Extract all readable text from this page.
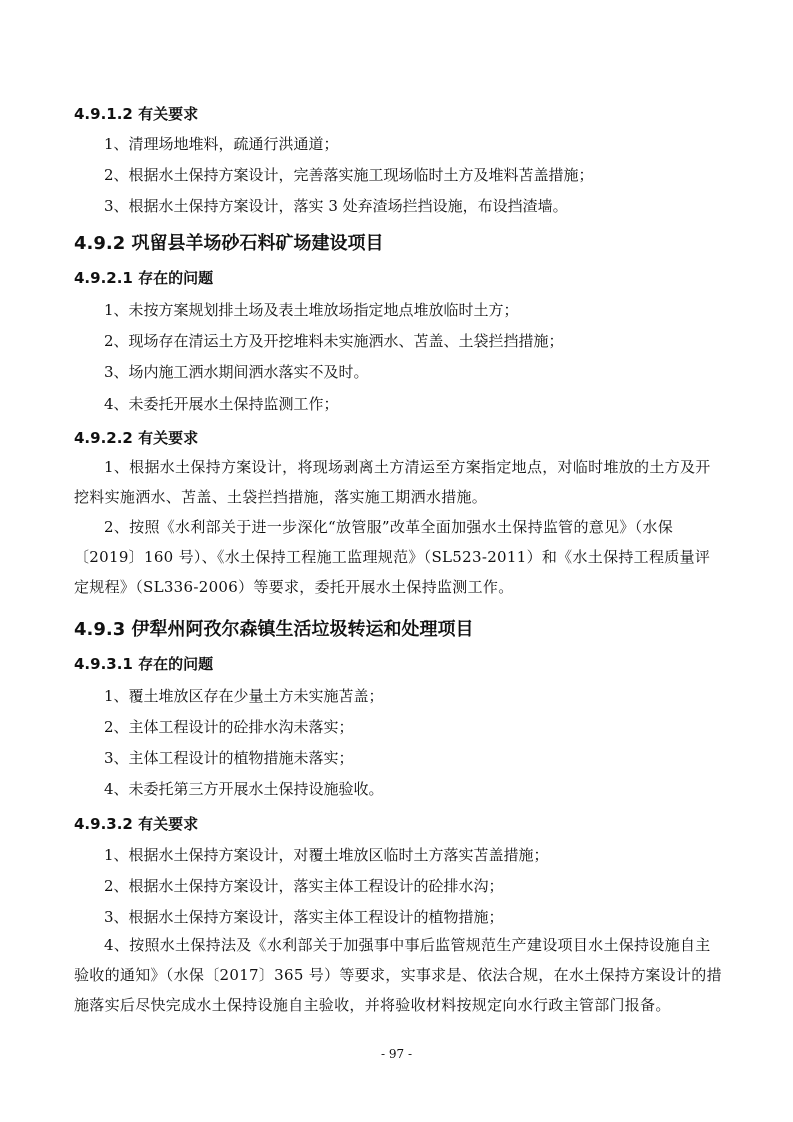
4.9.1.2 有关要求
1、清理场地堆料，疏通行洪通道；
2、根据水土保持方案设计，完善落实施工现场临时土方及堆料苫盖措施；
3、根据水土保持方案设计，落实 3 处弃渣场拦挡设施，布设挡渣墙。
4.9.2 巩留县羊场砂石料矿场建设项目
4.9.2.1 存在的问题
1、未按方案规划排土场及表土堆放场指定地点堆放临时土方；
2、现场存在清运土方及开挖堆料未实施洒水、苫盖、土袋拦挡措施；
3、场内施工洒水期间洒水落实不及时。
4、未委托开展水土保持监测工作；
4.9.2.2 有关要求
1、根据水土保持方案设计，将现场剥离土方清运至方案指定地点，对临时堆放的土方及开挖料实施洒水、苫盖、土袋拦挡措施，落实施工期洒水措施。
2、按照《水利部关于进一步深化“放管服”改革全面加强水土保持监管的意见》（水保〔2019〕160 号）、《水土保持工程施工监理规范》（SL523-2011）和《水土保持工程质量评定规程》（SL336-2006）等要求，委托开展水土保持监测工作。
4.9.3 伊犁州阿孜尔森镇生活垃圾转运和处理项目
4.9.3.1 存在的问题
1、覆土堆放区存在少量土方未实施苫盖；
2、主体工程设计的砼排水沟未落实；
3、主体工程设计的植物措施未落实；
4、未委托第三方开展水土保持设施验收。
4.9.3.2 有关要求
1、根据水土保持方案设计，对覆土堆放区临时土方落实苫盖措施；
2、根据水土保持方案设计，落实主体工程设计的砼排水沟；
3、根据水土保持方案设计，落实主体工程设计的植物措施；
4、按照水土保持法及《水利部关于加强事中事后监管规范生产建设项目水土保持设施自主验收的通知》（水保〔2017〕365 号）等要求，实事求是、依法合规，在水土保持方案设计的措施落实后尽快完成水土保持设施自主验收，并将验收材料按规定向水行政主管部门报备。
- 97 -
